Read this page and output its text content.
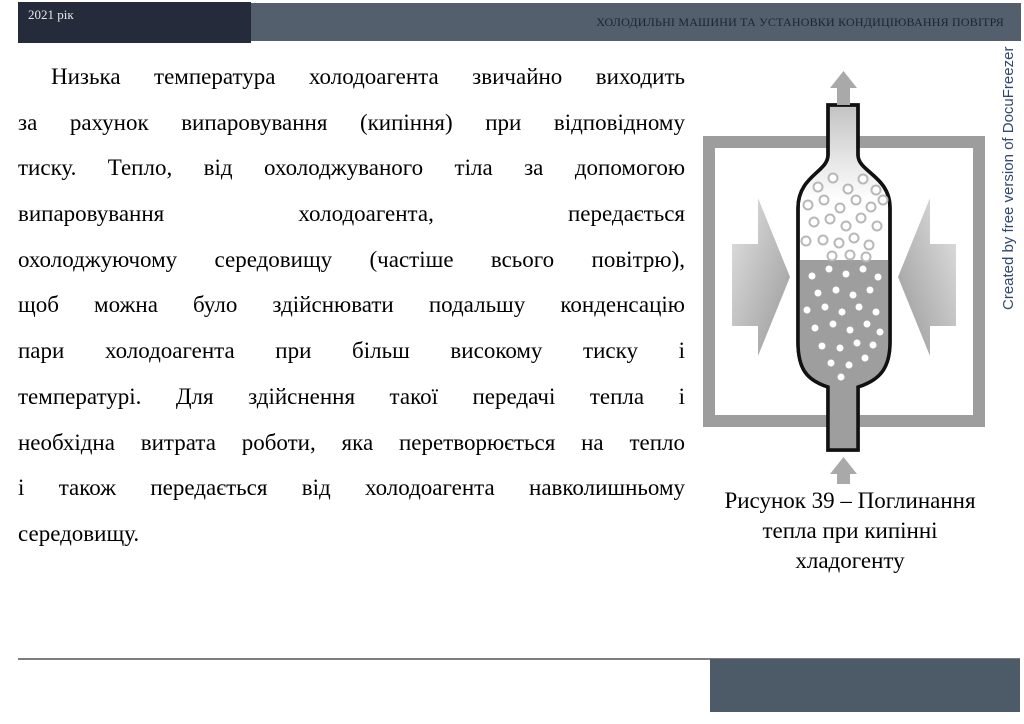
2021 рік	ХОЛОДИЛЬНІ МАШИНИ ТА УСТАНОВКИ КОНДИЦІЮВАННЯ ПОВІТРЯ
Created by free version of DocuFreezer
Низька температура холодоагента звичайно виходить
за рахунок випаровування (кипіння) при відповідному
тиску. Тепло, від охолоджуваного тіла за допомогою
випаровування холодоагента, передається
охолоджуючому середовищу (частіше всього повітрю),
щоб можна було здійснювати подальшу конденсацію
пари холодоагента при більш високому тиску і
температурі. Для здійснення такої передачі тепла і
необхідна витрата роботи, яка перетворюється на тепло
і також передається від холодоагента навколишньому
середовищу.
Рисунок 39 – Поглинання
тепла при кипінні
хладогенту
